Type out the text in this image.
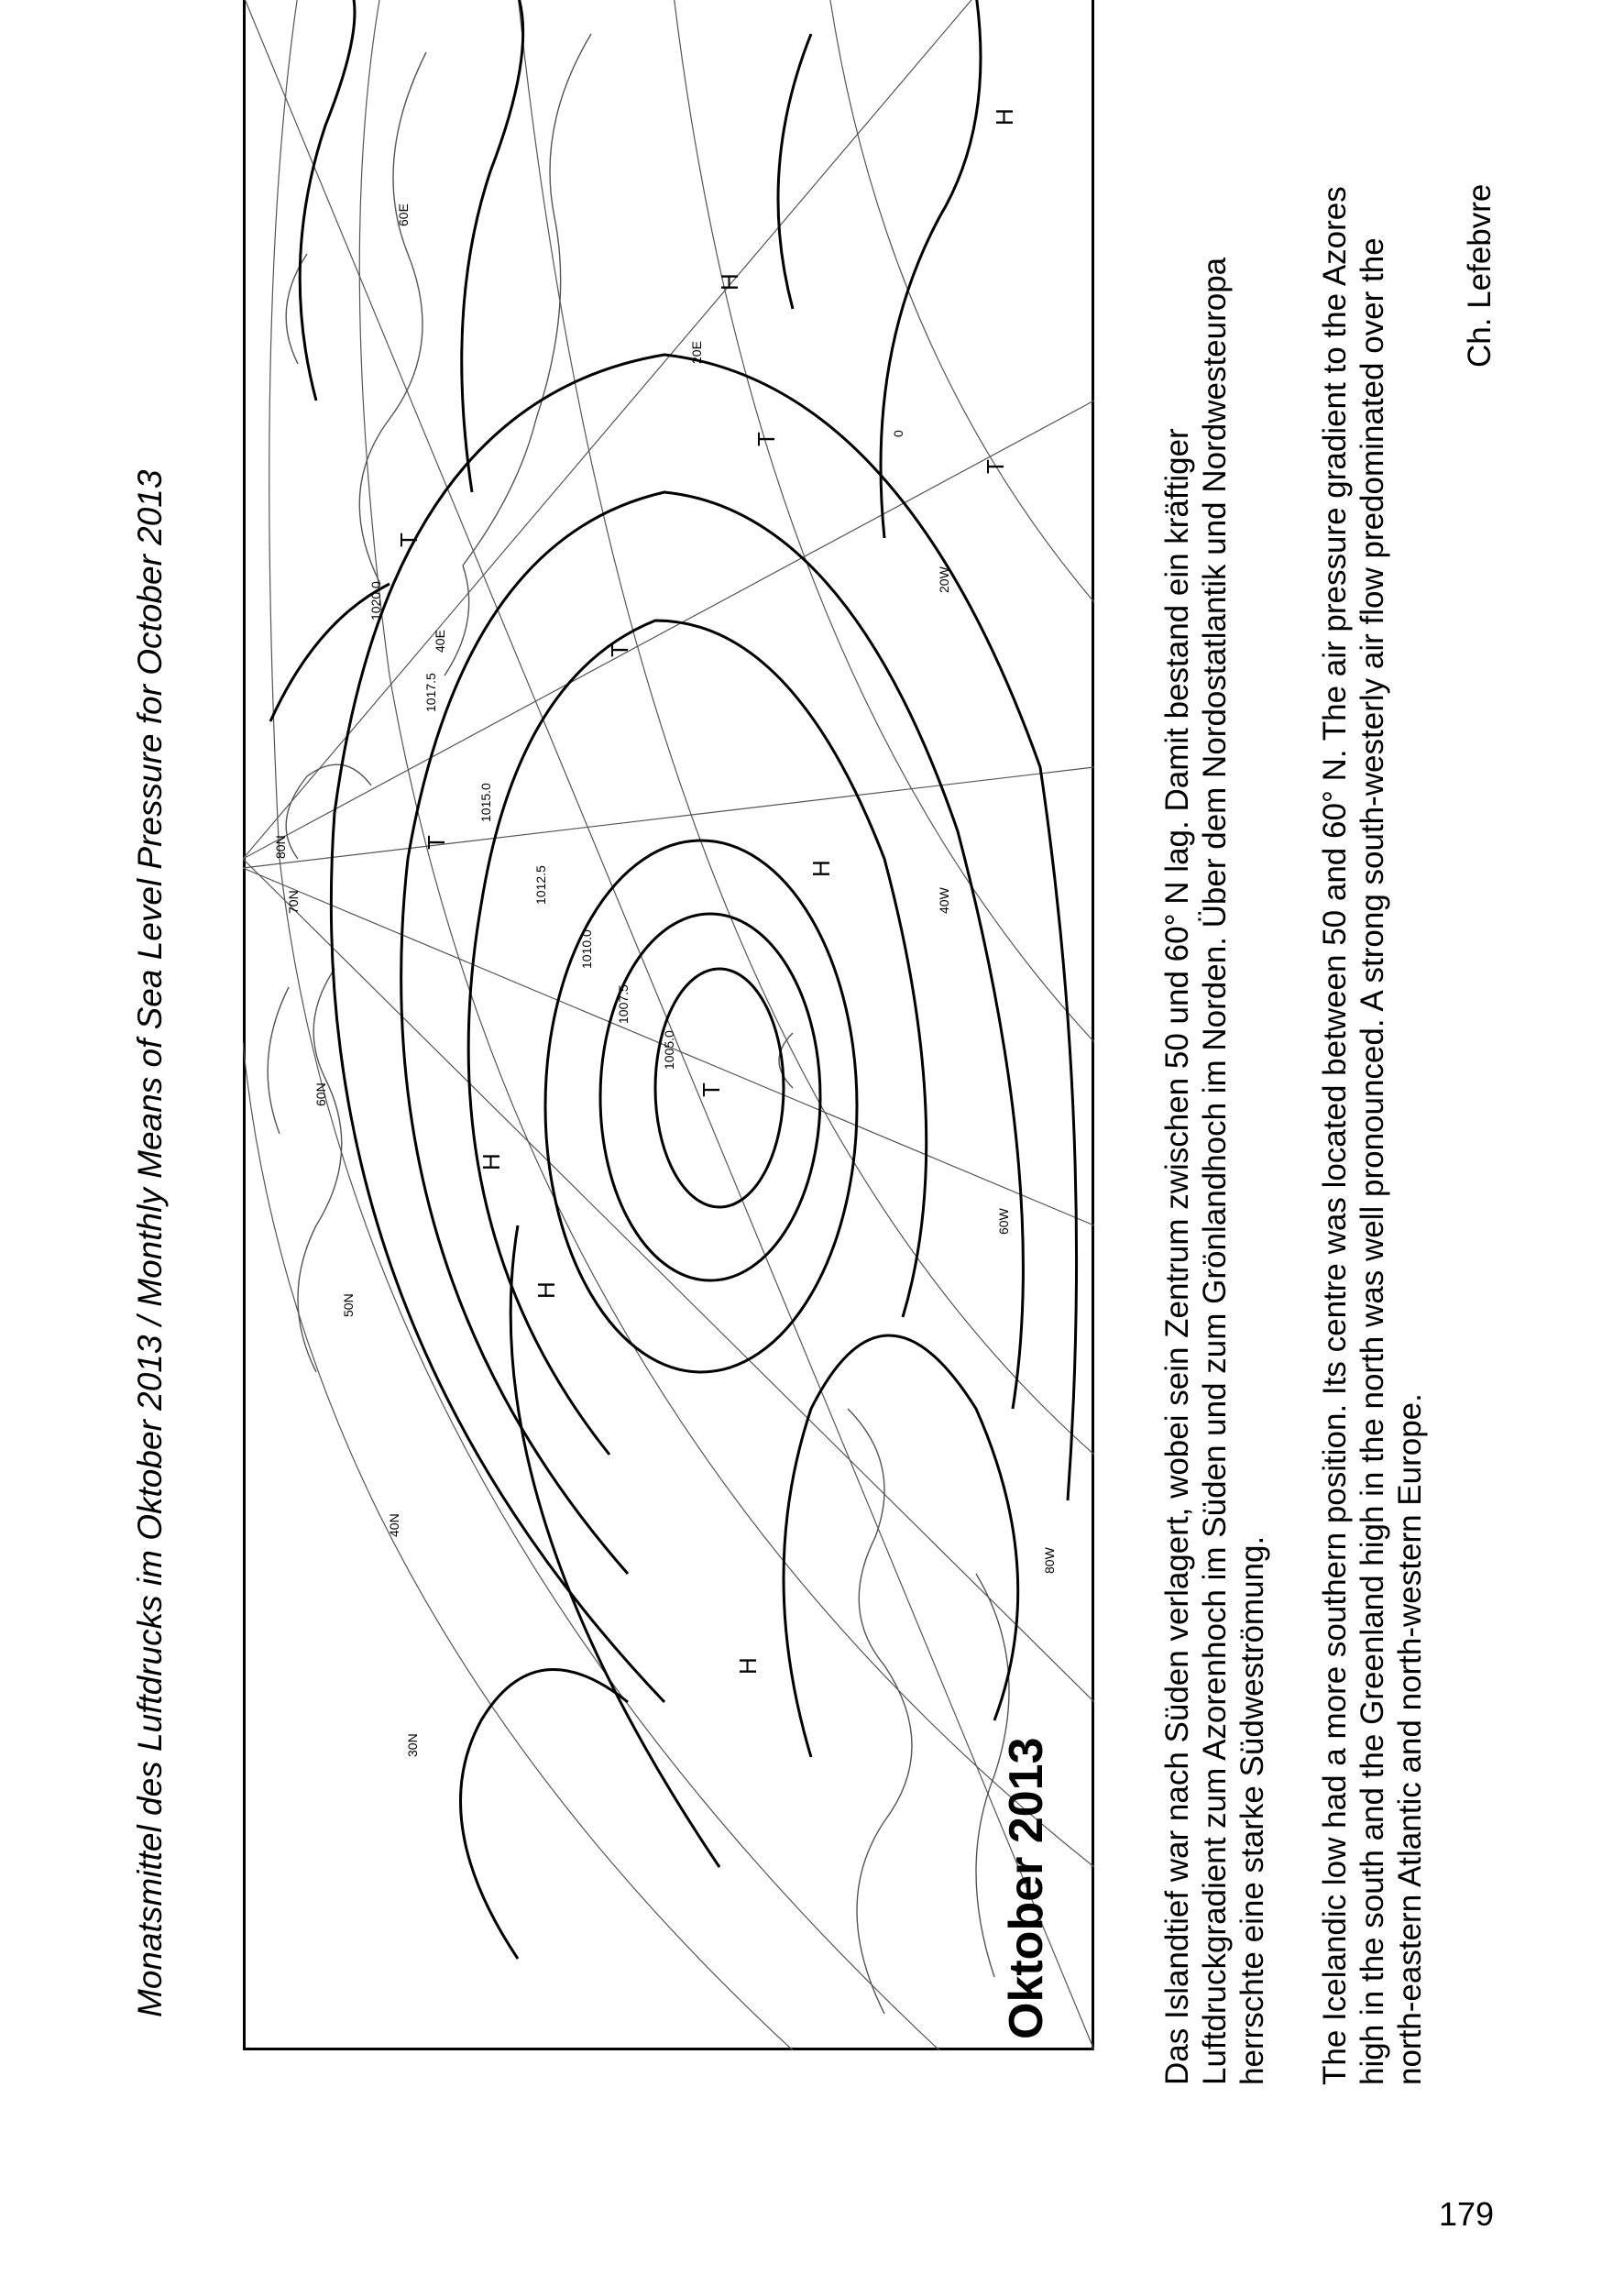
Monatsmittel des Luftdrucks im Oktober 2013 / Monthly Means of Sea Level Pressure for October 2013	80N
60E
40E
80W
60W
40W
20W
0
20E
30N
40N
50N
60N
70N
1005.0
1007.5
1010.0
1012.5
1015.0
1017.5
1020.0
T
T
T
T
T
T
H
H
H
H
H
H
Oktober 2013	Das Islandtief war nach Süden verlagert, wobei sein Zentrum zwischen 50 und 60° N lag. Damit bestand ein kräftiger Luftdruckgradient zum Azorenhoch im Süden und zum Grönlandhoch im Norden. Über dem Nordostatlantik und Nordwesteuropa herrschte eine starke Südweströmung. The Icelandic low had a more southern position. Its centre was located between 50 and 60° N. The air pressure gradient to the Azores high in the south and the Greenland high in the north was well pronounced. A strong south-westerly air flow predominated over the north-eastern Atlantic and north-western Europe.
Ch. Lefebvre
179
